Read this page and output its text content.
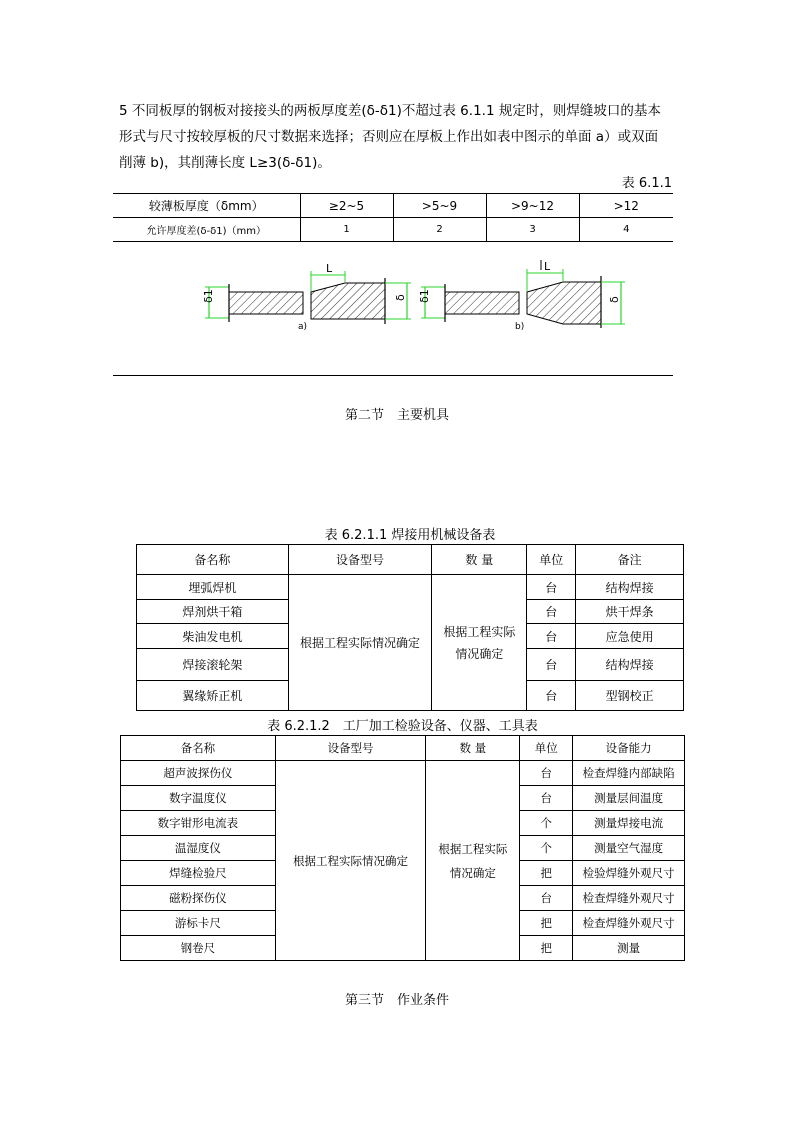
5 不同板厚的钢板对接接头的两板厚度差(δ-δ1)不超过表 6.1.1 规定时，则焊缝坡口的基本
形式与尺寸按较厚板的尺寸数据来选择；否则应在厚板上作出如表中图示的单面 a）或双面
削薄 b)，其削薄长度 L≥3(δ-δ1)。
表 6.1.1
较薄板厚度（δmm）	≥2~5	>5~9	>9~12	>12
允许厚度差(δ-δ1)（mm）	1	2	3	4
δ1
L
δ
a)
δ1
L
δ
b)
第二节　主要机具
表 6.2.1.1 焊接用机械设备表
备名称	设备型号	数 量	单位	备注
埋弧焊机	根据工程实际情况确定	根据工程实际
情况确定	台	结构焊接
焊剂烘干箱			台	烘干焊条
柴油发电机			台	应急使用
焊接滚轮架			台	结构焊接
翼缘矫正机			台	型钢校正
表 6.2.1.2　工厂加工检验设备、仪器、工具表
备名称	设备型号	数 量	单位	设备能力
超声波探伤仪	根据工程实际情况确定	根据工程实际
情况确定	台	检查焊缝内部缺陷
数字温度仪			台	测量层间温度
数字钳形电流表			个	测量焊接电流
温湿度仪			个	测量空气湿度
焊缝检验尺			把	检验焊缝外观尺寸
磁粉探伤仪			台	检查焊缝外观尺寸
游标卡尺			把	检查焊缝外观尺寸
钢卷尺			把	测量
第三节　作业条件
